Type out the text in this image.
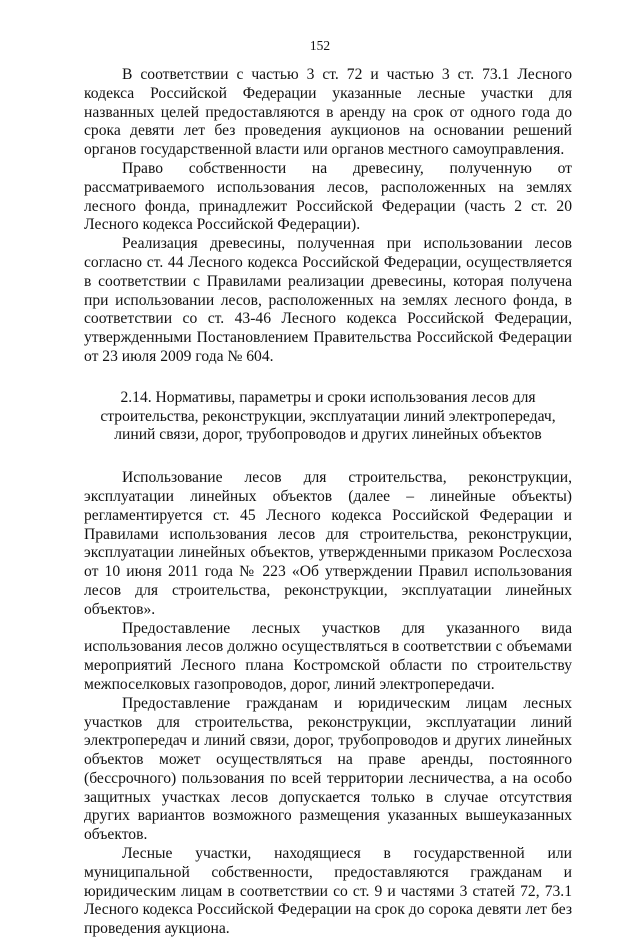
152

В соответствии с частью 3 ст. 72 и частью 3 ст. 73.1 Лесного кодекса Российской Федерации указанные лесные участки для названных целей предоставляются в аренду на срок от одного года до срока девяти лет без проведения аукционов на основании решений органов государственной власти или органов местного самоуправления.

Право собственности на древесину, полученную от рассматриваемого использования лесов, расположенных на землях лесного фонда, принадлежит Российской Федерации (часть 2 ст. 20 Лесного кодекса Российской Федерации).

Реализация древесины, полученная при использовании лесов согласно ст. 44 Лесного кодекса Российской Федерации, осуществляется в соответствии с Правилами реализации древесины, которая получена при использовании лесов, расположенных на землях лесного фонда, в соответствии со ст. 43-46 Лесного кодекса Российской Федерации, утвержденными Постановлением Правительства Российской Федерации от 23 июля 2009 года № 604.

2.14. Нормативы, параметры и сроки использования лесов для строительства, реконструкции, эксплуатации линий электропередач, линий связи, дорог, трубопроводов и других линейных объектов

Использование лесов для строительства, реконструкции, эксплуатации линейных объектов (далее – линейные объекты) регламентируется ст. 45 Лесного кодекса Российской Федерации и Правилами использования лесов для строительства, реконструкции, эксплуатации линейных объектов, утвержденными приказом Рослесхоза от 10 июня 2011 года № 223 «Об утверждении Правил использования лесов для строительства, реконструкции, эксплуатации линейных объектов».

Предоставление лесных участков для указанного вида использования лесов должно осуществляться в соответствии с объемами мероприятий Лесного плана Костромской области по строительству межпоселковых газопроводов, дорог, линий электропередачи.

Предоставление гражданам и юридическим лицам лесных участков для строительства, реконструкции, эксплуатации линий электропередач и линий связи, дорог, трубопроводов и других линейных объектов может осуществляться на праве аренды, постоянного (бессрочного) пользования по всей территории лесничества, а на особо защитных участках лесов допускается только в случае отсутствия других вариантов возможного размещения указанных вышеуказанных объектов.

Лесные участки, находящиеся в государственной или муниципальной собственности, предоставляются гражданам и юридическим лицам в соответствии со ст. 9 и частями 3 статей 72, 73.1 Лесного кодекса Российской Федерации на срок до сорока девяти лет без проведения аукциона.
